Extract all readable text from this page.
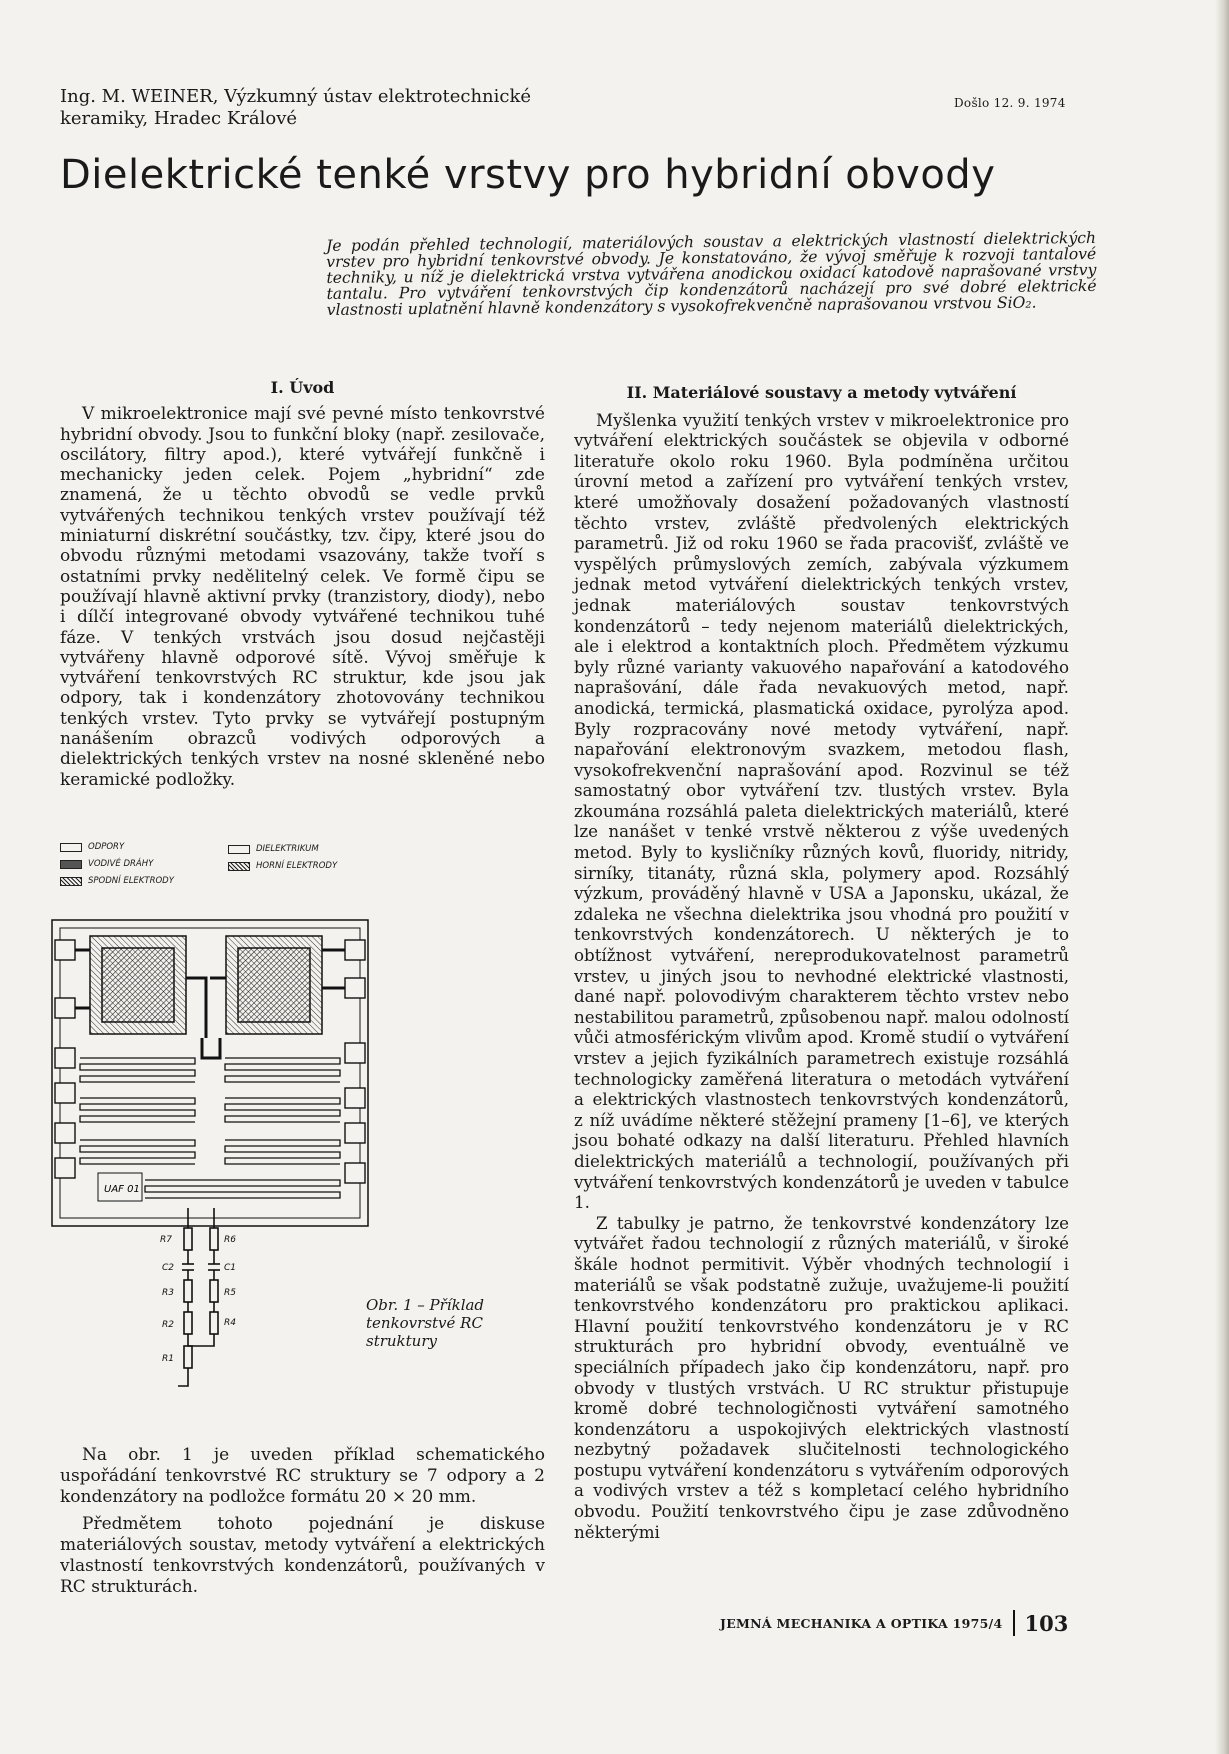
Ing. M. WEINER, Výzkumný ústav elektrotechnické
keramiky, Hradec Králové
Došlo 12. 9. 1974
Dielektrické tenké vrstvy pro hybridní obvody

Je podán přehled technologií, materiálových soustav a elektrických vlastností dielektrických vrstev pro hybridní tenkovrstvé obvody. Je konstatováno, že vývoj směřuje k rozvoji tantalové techniky, u níž je dielektrická vrstva vytvářena anodickou oxidací katodově naprašované vrstvy tantalu. Pro vytváření tenkovrstvých čip kondenzátorů nacházejí pro své dobré elektrické vlastnosti uplatnění hlavně kondenzátory s vysokofrekvenčně naprašovanou vrstvou SiO₂.

I. Úvod

V mikroelektronice mají své pevné místo tenkovrstvé hybridní obvody. Jsou to funkční bloky (např. zesilovače, oscilátory, filtry apod.), které vytvářejí funkčně i mechanicky jeden celek. Pojem „hybridní“ zde znamená, že u těchto obvodů se vedle prvků vytvářených technikou tenkých vrstev používají též miniaturní diskrétní součástky, tzv. čipy, které jsou do obvodu různými metodami vsazovány, takže tvoří s ostatními prvky nedělitelný celek. Ve formě čipu se používají hlavně aktivní prvky (tranzistory, diody), nebo i dílčí integrované obvody vytvářené technikou tuhé fáze. V tenkých vrstvách jsou dosud nejčastěji vytvářeny hlavně odporové sítě. Vývoj směřuje k vytváření tenkovrstvých RC struktur, kde jsou jak odpory, tak i kondenzátory zhotovovány technikou tenkých vrstev. Tyto prvky se vytvářejí postupným nanášením obrazců vodivých odporových a dielektrických tenkých vrstev na nosné skleněné nebo keramické podložky.

ODPORY
VODIVÉ DRÁHY
SPODNÍ ELEKTRODY
DIELEKTRIKUM
HORNÍ ELEKTRODY
UAF 01
R7	R6
C2	C1
R3	R5
R2	R4
R1
Obr. 1 – Příklad tenkovrstvé RC struktury

Na obr. 1 je uveden příklad schematického uspořádání tenkovrstvé RC struktury se 7 odpory a 2 kondenzátory na podložce formátu 20 × 20 mm.

Předmětem tohoto pojednání je diskuse materiálových soustav, metody vytváření a elektrických vlastností tenkovrstvých kondenzátorů, používaných v RC strukturách.

II. Materiálové soustavy a metody vytváření

Myšlenka využití tenkých vrstev v mikroelektronice pro vytváření elektrických součástek se objevila v odborné literatuře okolo roku 1960. Byla podmíněna určitou úrovní metod a zařízení pro vytváření tenkých vrstev, které umožňovaly dosažení požadovaných vlastností těchto vrstev, zvláště předvolených elektrických parametrů. Již od roku 1960 se řada pracovišť, zvláště ve vyspělých průmyslových zemích, zabývala výzkumem jednak metod vytváření dielektrických tenkých vrstev, jednak materiálových soustav tenkovrstvých kondenzátorů – tedy nejenom materiálů dielektrických, ale i elektrod a kontaktních ploch. Předmětem výzkumu byly různé varianty vakuového napařování a katodového naprašování, dále řada nevakuových metod, např. anodická, termická, plasmatická oxidace, pyrolýza apod. Byly rozpracovány nové metody vytváření, např. napařování elektronovým svazkem, metodou flash, vysokofrekvenční naprašování apod. Rozvinul se též samostatný obor vytváření tzv. tlustých vrstev. Byla zkoumána rozsáhlá paleta dielektrických materiálů, které lze nanášet v tenké vrstvě některou z výše uvedených metod. Byly to kysličníky různých kovů, fluoridy, nitridy, sirníky, titanáty, různá skla, polymery apod. Rozsáhlý výzkum, prováděný hlavně v USA a Japonsku, ukázal, že zdaleka ne všechna dielektrika jsou vhodná pro použití v tenkovrstvých kondenzátorech. U některých je to obtížnost vytváření, nereprodukovatelnost parametrů vrstev, u jiných jsou to nevhodné elektrické vlastnosti, dané např. polovodivým charakterem těchto vrstev nebo nestabilitou parametrů, způsobenou např. malou odolností vůči atmosférickým vlivům apod. Kromě studií o vytváření vrstev a jejich fyzikálních parametrech existuje rozsáhlá technologicky zaměřená literatura o metodách vytváření a elektrických vlastnostech tenkovrstvých kondenzátorů, z níž uvádíme některé stěžejní prameny [1–6], ve kterých jsou bohaté odkazy na další literaturu. Přehled hlavních dielektrických materiálů a technologií, používaných při vytváření tenkovrstvých kondenzátorů je uveden v tabulce 1.

Z tabulky je patrno, že tenkovrstvé kondenzátory lze vytvářet řadou technologií z různých materiálů, v široké škále hodnot permitivit. Výběr vhodných technologií i materiálů se však podstatně zužuje, uvažujeme-li použití tenkovrstvého kondenzátoru pro praktickou aplikaci. Hlavní použití tenkovrstvého kondenzátoru je v RC strukturách pro hybridní obvody, eventuálně ve speciálních případech jako čip kondenzátoru, např. pro obvody v tlustých vrstvách. U RC struktur přistupuje kromě dobré technologičnosti vytváření samotného kondenzátoru a uspokojivých elektrických vlastností nezbytný požadavek slučitelnosti technologického postupu vytváření kondenzátoru s vytvářením odporových a vodivých vrstev a též s kompletací celého hybridního obvodu. Použití tenkovrstvého čipu je zase zdůvodněno některými

JEMNÁ MECHANIKA A OPTIKA 1975/4 103
